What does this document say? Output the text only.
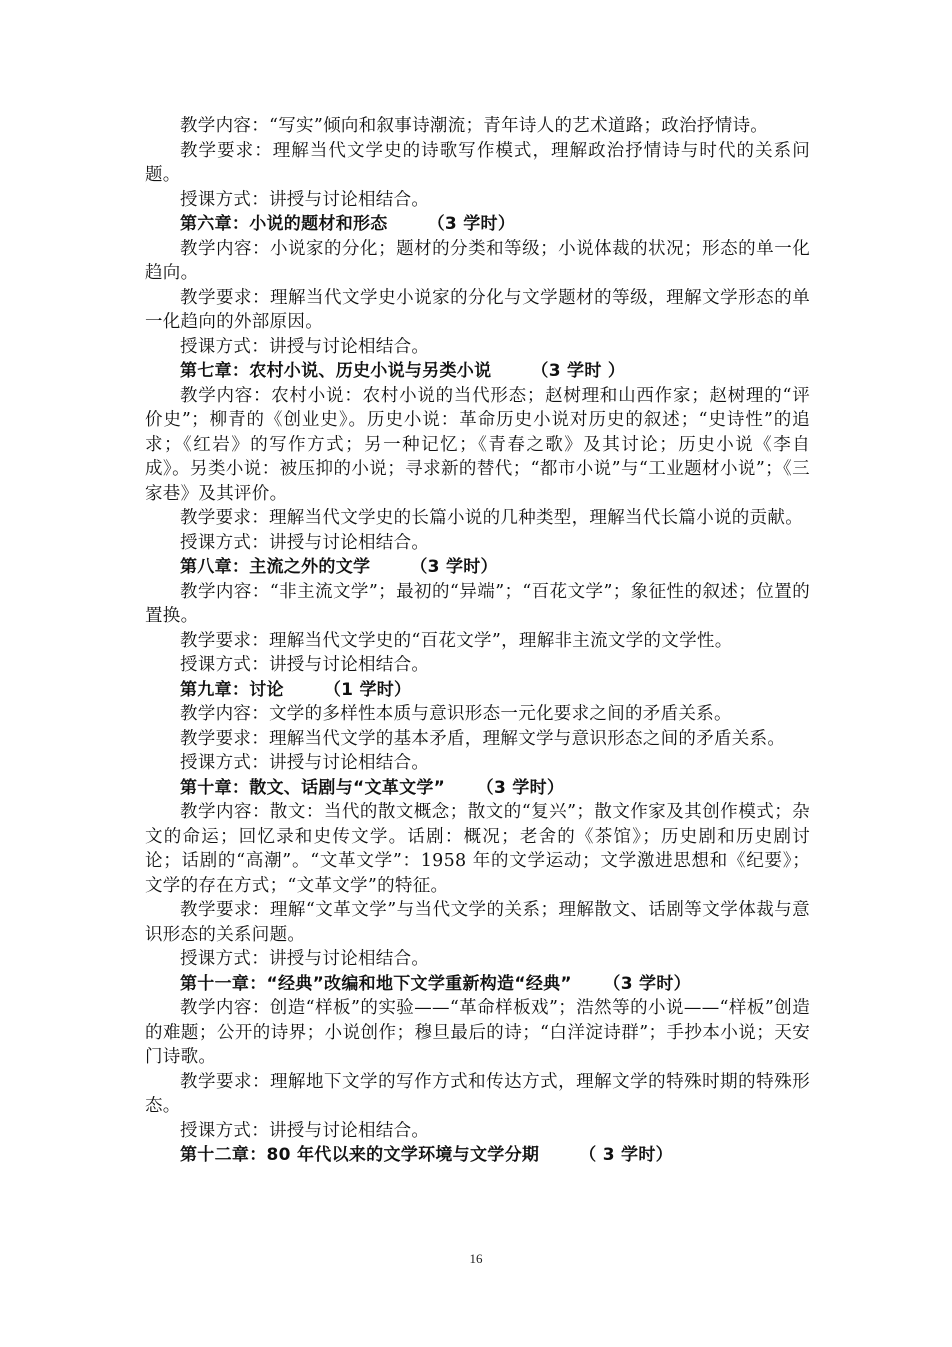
教学内容：“写实”倾向和叙事诗潮流；青年诗人的艺术道路；政治抒情诗。

教学要求：理解当代文学史的诗歌写作模式，理解政治抒情诗与时代的关系问题。

授课方式：讲授与讨论相结合。

第六章：小说的题材和形态 （3 学时）

教学内容：小说家的分化；题材的分类和等级；小说体裁的状况；形态的单一化趋向。

教学要求：理解当代文学史小说家的分化与文学题材的等级，理解文学形态的单一化趋向的外部原因。

授课方式：讲授与讨论相结合。

第七章：农村小说、历史小说与另类小说 （3 学时 ）

教学内容：农村小说：农村小说的当代形态；赵树理和山西作家；赵树理的“评价史”；柳青的《创业史》。历史小说：革命历史小说对历史的叙述；“史诗性”的追求；《红岩》的写作方式；另一种记忆；《青春之歌》及其讨论；历史小说《李自成》。另类小说：被压抑的小说；寻求新的替代；“都市小说”与“工业题材小说”；《三家巷》及其评价。

教学要求：理解当代文学史的长篇小说的几种类型，理解当代长篇小说的贡献。

授课方式：讲授与讨论相结合。

第八章：主流之外的文学 （3 学时）

教学内容：“非主流文学”；最初的“异端”；“百花文学”；象征性的叙述；位置的置换。

教学要求：理解当代文学史的“百花文学”，理解非主流文学的文学性。

授课方式：讲授与讨论相结合。

第九章：讨论 （1 学时）

教学内容：文学的多样性本质与意识形态一元化要求之间的矛盾关系。

教学要求：理解当代文学的基本矛盾，理解文学与意识形态之间的矛盾关系。

授课方式：讲授与讨论相结合。

第十章：散文、话剧与“文革文学” （3 学时）

教学内容：散文：当代的散文概念；散文的“复兴”；散文作家及其创作模式；杂文的命运；回忆录和史传文学。话剧：概况；老舍的《茶馆》；历史剧和历史剧讨论；话剧的“高潮”。“文革文学”：1958 年的文学运动；文学激进思想和《纪要》；文学的存在方式；“文革文学”的特征。

教学要求：理解“文革文学”与当代文学的关系；理解散文、话剧等文学体裁与意识形态的关系问题。

授课方式：讲授与讨论相结合。

第十一章：“经典”改编和地下文学重新构造“经典” （3 学时）

教学内容：创造“样板”的实验——“革命样板戏”；浩然等的小说——“样板”创造的难题；公开的诗界；小说创作；穆旦最后的诗；“白洋淀诗群”；手抄本小说；天安门诗歌。

教学要求：理解地下文学的写作方式和传达方式，理解文学的特殊时期的特殊形态。

授课方式：讲授与讨论相结合。

第十二章：80 年代以来的文学环境与文学分期 （ 3 学时）

16
